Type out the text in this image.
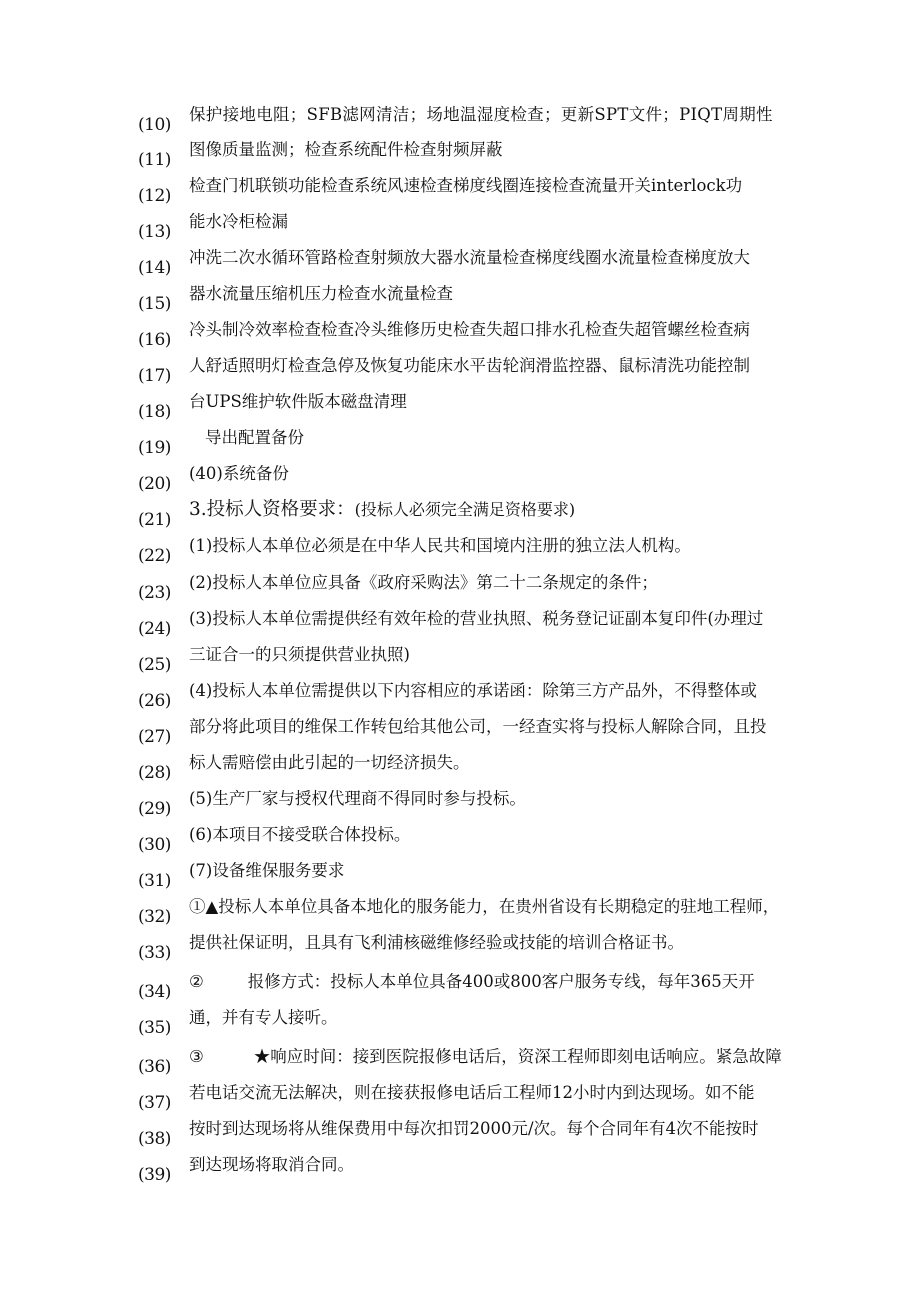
(10)
保护接地电阻；SFB滤网清洁；场地温湿度检查；更新SPT文件；PIQT周期性
(11)
图像质量监测；检查系统配件检查射频屏蔽
(12)
检查门机联锁功能检查系统风速检查梯度线圈连接检查流量开关interlock功
(13)
能水冷柜检漏
(14)
冲洗二次水循环管路检查射频放大器水流量检查梯度线圈水流量检查梯度放大
(15)
器水流量压缩机压力检查水流量检查
(16)
冷头制冷效率检查检查冷头维修历史检查失超口排水孔检查失超管螺丝检查病
(17)
人舒适照明灯检查急停及恢复功能床水平齿轮润滑监控器、鼠标清洗功能控制
(18)
台UPS维护软件版本磁盘清理
(19)
导出配置备份
(20)
(40)系统备份
(21) 3.投标人资格要求：(投标人必须完全满足资格要求)
(22)
(1)投标人本单位必须是在中华人民共和国境内注册的独立法人机构。
(23)
(2)投标人本单位应具备《政府采购法》第二十二条规定的条件；
(24)
(3)投标人本单位需提供经有效年检的营业执照、税务登记证副本复印件(办理过
(25)
三证合一的只须提供营业执照)
(26)
(4)投标人本单位需提供以下内容相应的承诺函：除第三方产品外，不得整体或
(27)
部分将此项目的维保工作转包给其他公司，一经查实将与投标人解除合同，且投
(28)
标人需赔偿由此引起的一切经济损失。
(29)
(5)生产厂家与授权代理商不得同时参与投标。
(30)
(6)本项目不接受联合体投标。
(31)
(7)设备维保服务要求
(32)
①▲投标人本单位具备本地化的服务能力，在贵州省设有长期稳定的驻地工程师，
(33)
提供社保证明，且具有飞利浦核磁维修经验或技能的培训合格证书。
(34)
②	报修方式：投标人本单位具备400或800客户服务专线，每年365天开
(35)
通，并有专人接听。
(36)
③	★响应时间：接到医院报修电话后，资深工程师即刻电话响应。紧急故障
(37)
若电话交流无法解决，则在接获报修电话后工程师12小时内到达现场。如不能
(38)
按时到达现场将从维保费用中每次扣罚2000元/次。每个合同年有4次不能按时
(39)
到达现场将取消合同。
